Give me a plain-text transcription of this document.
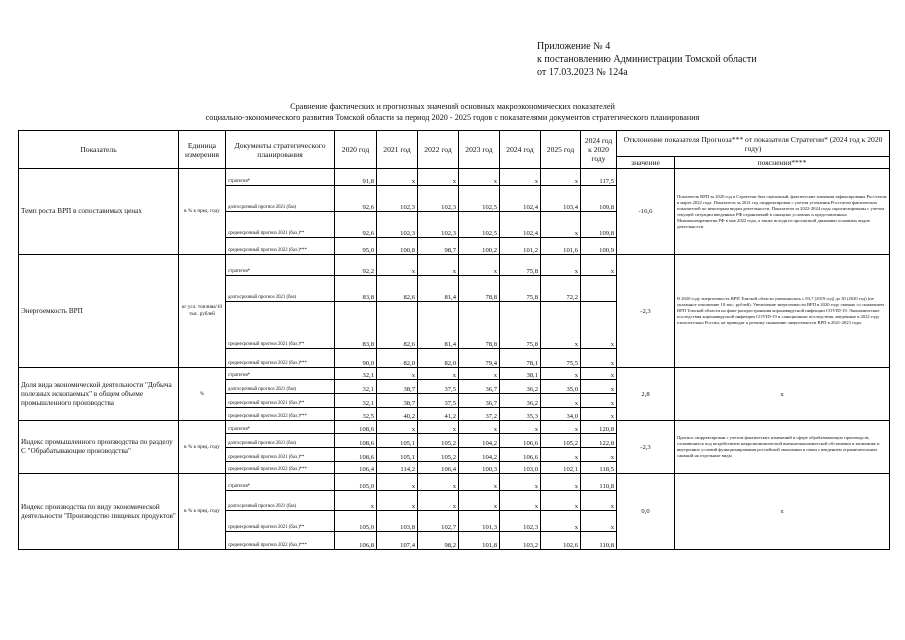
Приложение № 4
к постановлению Администрации Томской области
от 17.03.2023 № 124а
Сравнение фактических и прогнозных значений основных макроэкономических показателей
социально-экономического развития Томской области за период 2020 - 2025 годов с показателями документов стратегического планирования
Показатель	Единица измерения	Документы стратегического планирования	2020 год	2021 год	2022 год	2023 год	2024 год	2025 год	2024 год к 2020 году	Отклонение показателя Прогноза*** от показателя Стратегии* (2024 год к 2020 году)	
										значение	пояснения****
Темп роста ВРП в сопоставимых ценах	в % к пред. году	стратегия*	91,8	х	х	х	х	х	117,5	-16,6	Показатель ВРП за 2020 год в Стратегии был оценочный, фактические значения зафиксированы Росстатом в марте 2022 года. Показатель за 2021 год скорректирован с учетом уточнения Росстатом фактических показателей по некоторым видам деятельности. Показатели за 2022-2024 годы спрогнозированы с учетом текущей ситуации введенных РФ ограничений в санкциях условиях и представленных Минэкономразвития РФ в мае 2022 года, а также исходя из прогнозной динамики основных видов деятельности
		долгосрочный прогноз 2021 (баз)	92,6	102,3	102,3	102,5	102,4	103,4	109,8		
		среднесрочный прогноз 2021 (баз.)**	92,6	102,3	102,3	102,5	102,4	х	109,8		
		среднесрочный прогноз 2022 (баз.)***	95,0	100,8	98,7	100,2	101,2	101,6	100,9		
Энергоемкость ВРП	кг усл. топлива/10 тыс. рублей	стратегия*	92,2	х	х	х	75,8	х	х	-2,3	В 2020 году энергоемкость ВРП Томской области уменьшилась с 83,7 (2019 год) до 30 (2020 год) (не указанное отношение 10 тыс. рублей). Увеличение энергоемкости ВРП в 2020 году связано со снижением ВРП Томской области на фоне распространения коронавирусной инфекции COVID-19. Экономические последствия коронавирусной инфекции COVID-19 и санкционные последствия, введенные в 2022 году относительно России, не приводят к резкому снижению энергоемкости ВРП в 2021-2023 годы
		долгосрочный прогноз 2021 (баз)	83,8	82,6	81,4	78,8	75,8	72,2			
		среднесрочный прогноз 2021 (баз.)**	83,8	82,6	81,4	78,8	75,8	х	х		
		среднесрочный прогноз 2022 (баз.)***	90,0	82,0	82,0	79,4	78,1	75,5	х		
Доля вида экономической деятельности "Добыча полезных ископаемых" в общем объеме промышленного производства	%	стратегия*	32,1	х	х	х	38,1	х	х	2,8	х
		долгосрочный прогноз 2021 (баз)	32,1	38,7	37,5	36,7	36,2	35,0	х		
		среднесрочный прогноз 2021 (баз.)**	32,1	38,7	37,5	36,7	36,2	х	х		
		среднесрочный прогноз 2022 (баз.)***	32,5	40,2	41,2	37,2	35,3	34,0	х		
Индекс промышленного производства по разделу С "Обрабатывающие производства"	в % к пред. году	стратегия*	108,6	х	х	х	х	х	120,8	-2,3	Прогноз скорректирован с учетом фактических изменений в сфере обрабатывающих производств, сложившихся под воздействием макроэкономической внешнеэкономической обстановки в экономике и внутренних условий функционирования российской экономики в связи с введением ограничительных санкций на отдельные виды
		долгосрочный прогноз 2021 (баз)	108,6	105,1	105,2	104,2	106,6	105,2	122,8		
		среднесрочный прогноз 2021 (баз.)**	108,6	105,1	105,2	104,2	106,6	х	х		
		среднесрочный прогноз 2022 (баз.)***	106,4	114,2	106,4	100,3	103,0	102,1	118,5		
Индекс производства по виду экономической деятельности "Производство пищевых продуктов"	в % к пред. году	стратегия*	105,0	х	х	х	х	х	110,8	0,0	х
		долгосрочный прогноз 2021 (баз)	х	х	х	х	х	х	х		
		среднесрочный прогноз 2021 (баз.)**	105,0	103,8	102,7	101,3	102,3	х	х		
		среднесрочный прогноз 2022 (баз.)***	106,8	107,4	98,2	101,8	103,2	102,6	110,8		
